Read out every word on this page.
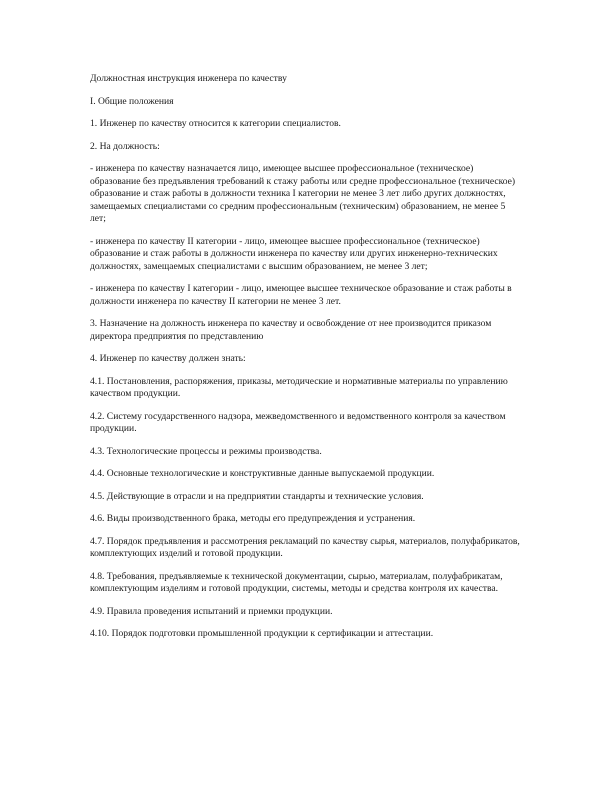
Должностная инструкция инженера по качеству

I. Общие положения

1. Инженер по качеству относится к категории специалистов.

2. На должность:

- инженера по качеству назначается лицо, имеющее высшее профессиональное (техническое) образование без предъявления требований к стажу работы или средне профессиональное (техническое) образование и стаж работы в должности техника I категории не менее 3 лет либо других должностях, замещаемых специалистами со средним профессиональным (техническим) образованием, не менее 5 лет;

- инженера по качеству II категории - лицо, имеющее высшее профессиональное (техническое) образование и стаж работы в должности инженера по качеству или других инженерно-технических должностях, замещаемых специалистами с высшим образованием, не менее 3 лет;

- инженера по качеству I категории - лицо, имеющее высшее техническое образование и стаж работы в должности инженера по качеству II категории не менее 3 лет.

3. Назначение на должность инженера по качеству и освобождение от нее производится приказом директора предприятия по представлению

4. Инженер по качеству должен знать:

4.1. Постановления, распоряжения, приказы, методические и нормативные материалы по управлению качеством продукции.

4.2. Систему государственного надзора, межведомственного и ведомственного контроля за качеством продукции.

4.3. Технологические процессы и режимы производства.

4.4. Основные технологические и конструктивные данные выпускаемой продукции.

4.5. Действующие в отрасли и на предприятии стандарты и технические условия.

4.6. Виды производственного брака, методы его предупреждения и устранения.

4.7. Порядок предъявления и рассмотрения рекламаций по качеству сырья, материалов, полуфабрикатов, комплектующих изделий и готовой продукции.

4.8. Требования, предъявляемые к технической документации, сырью, материалам, полуфабрикатам, комплектующим изделиям и готовой продукции, системы, методы и средства контроля их качества.

4.9. Правила проведения испытаний и приемки продукции.

4.10. Порядок подготовки промышленной продукции к сертификации и аттестации.
